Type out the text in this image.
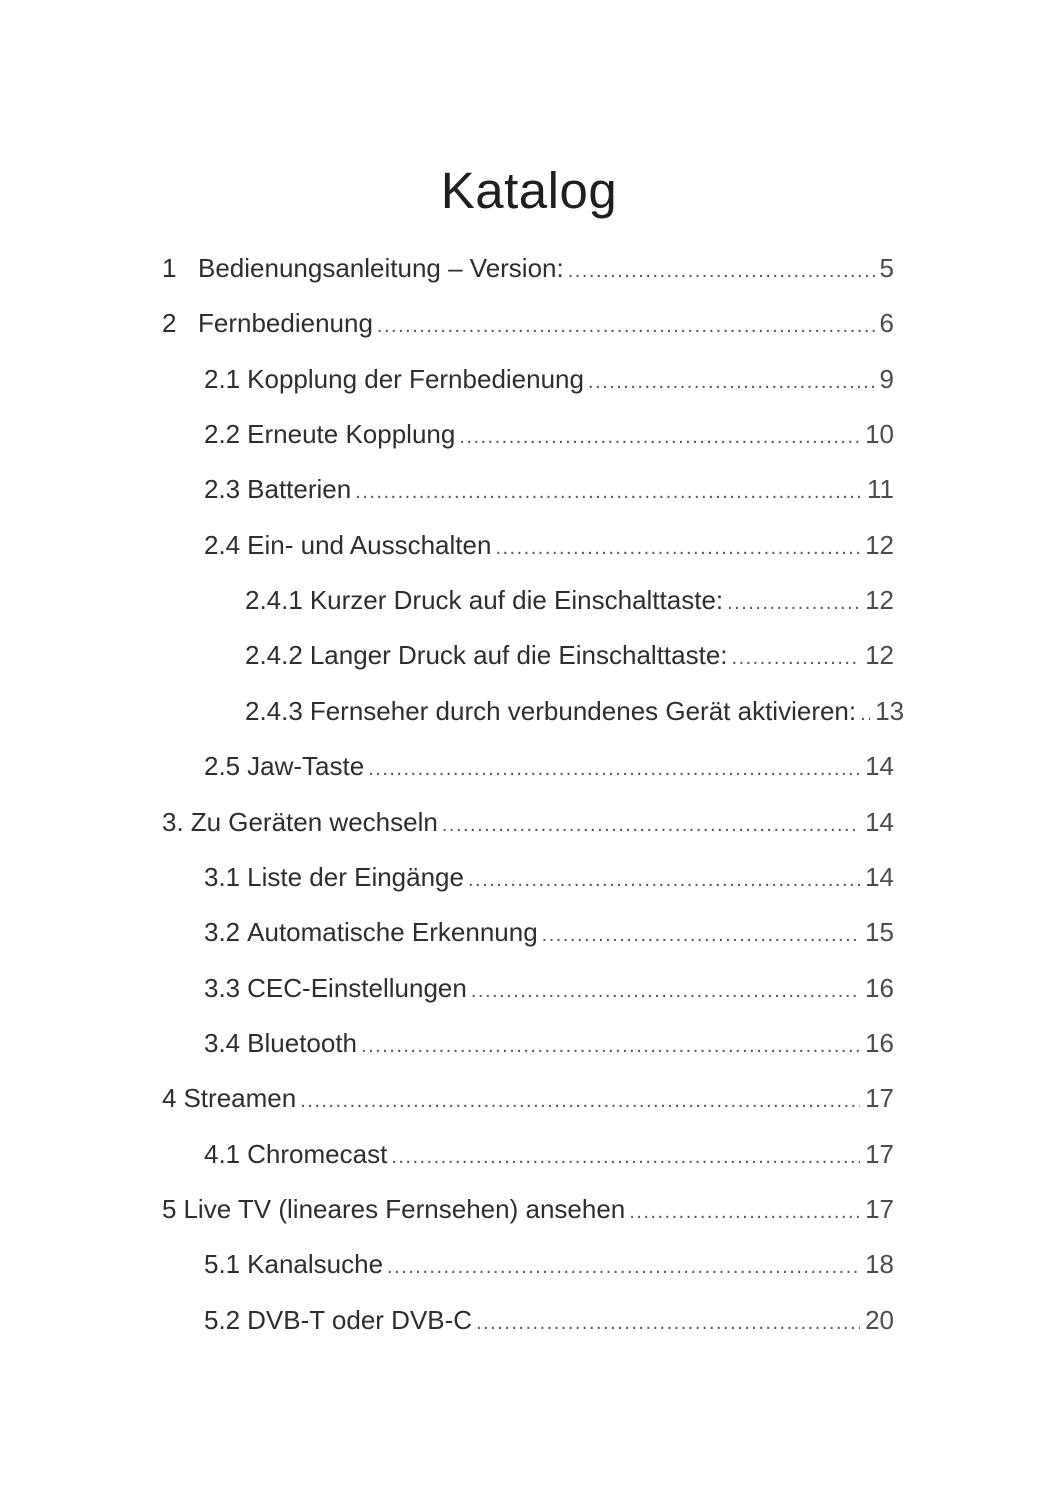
Katalog
1 Bedienungsanleitung – Version: .....	5
2 Fernbedienung .....	6
2.1 Kopplung der Fernbedienung .....	9
2.2 Erneute Kopplung .....	10
2.3 Batterien .....	11
2.4 Ein- und Ausschalten .....	12
2.4.1 Kurzer Druck auf die Einschalttaste: .....	12
2.4.2 Langer Druck auf die Einschalttaste: .....	12
2.4.3 Fernseher durch verbundenes Gerät aktivieren: ..... 13
2.5 Jaw-Taste .....	14
3. Zu Geräten wechseln .....	14
3.1 Liste der Eingänge .....	14
3.2 Automatische Erkennung .....	15
3.3 CEC-Einstellungen .....	16
3.4 Bluetooth .....	16
4 Streamen .....	17
4.1 Chromecast .....	17
5 Live TV (lineares Fernsehen) ansehen .....	17
5.1 Kanalsuche .....	18
5.2 DVB-T oder DVB-C .....	20
